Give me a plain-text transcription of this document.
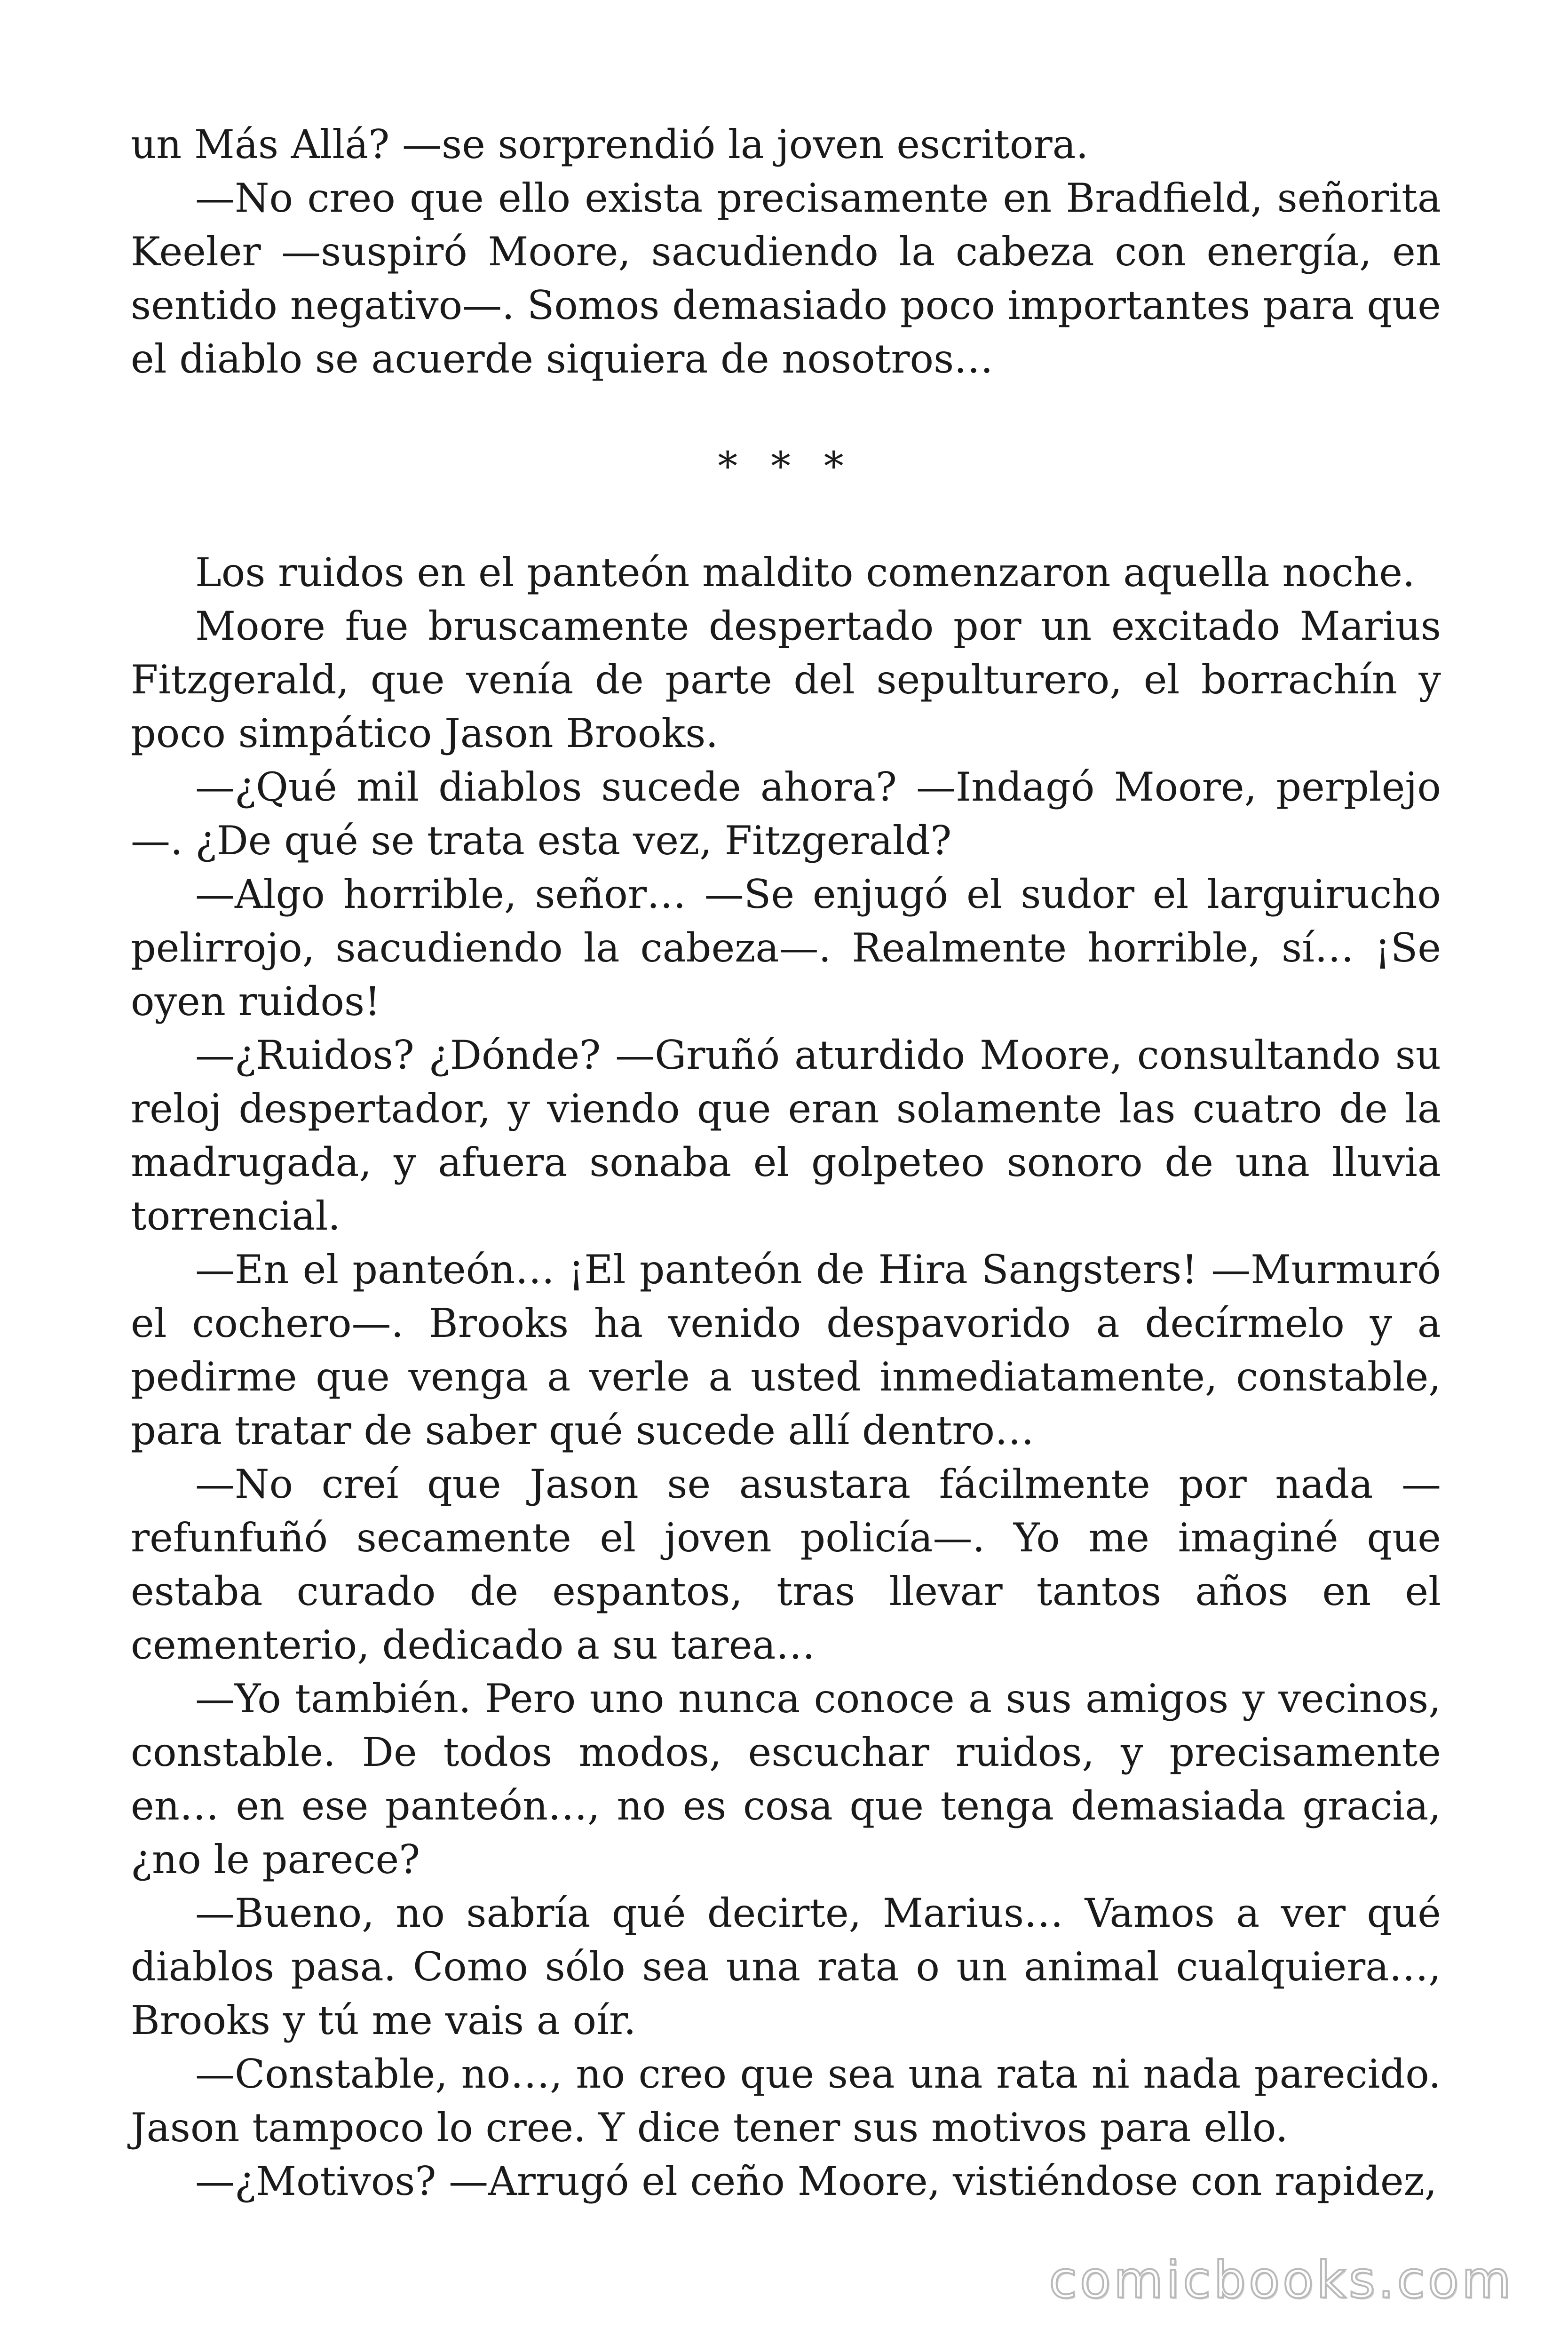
un Más Allá? —se sorprendió la joven escritora.

—No creo que ello exista precisamente en Bradfield, señorita Keeler —suspiró Moore, sacudiendo la cabeza con energía, en sentido negativo—. Somos demasiado poco importantes para que el diablo se acuerde siquiera de nosotros…

* * *

Los ruidos en el panteón maldito comenzaron aquella noche.

Moore fue bruscamente despertado por un excitado Marius Fitzgerald, que venía de parte del sepulturero, el borrachín y poco simpático Jason Brooks.

—¿Qué mil diablos sucede ahora? —Indagó Moore, perplejo—. ¿De qué se trata esta vez, Fitzgerald?

—Algo horrible, señor… —Se enjugó el sudor el larguirucho pelirrojo, sacudiendo la cabeza—. Realmente horrible, sí… ¡Se oyen ruidos!

—¿Ruidos? ¿Dónde? —Gruñó aturdido Moore, consultando su reloj despertador, y viendo que eran solamente las cuatro de la madrugada, y afuera sonaba el golpeteo sonoro de una lluvia torrencial.

—En el panteón… ¡El panteón de Hira Sangsters! —Murmuró el cochero—. Brooks ha venido despavorido a decírmelo y a pedirme que venga a verle a usted inmediatamente, constable, para tratar de saber qué sucede allí dentro…

—No creí que Jason se asustara fácilmente por nada —refunfuñó secamente el joven policía—. Yo me imaginé que estaba curado de espantos, tras llevar tantos años en el cementerio, dedicado a su tarea…

—Yo también. Pero uno nunca conoce a sus amigos y vecinos, constable. De todos modos, escuchar ruidos, y precisamente en… en ese panteón…, no es cosa que tenga demasiada gracia, ¿no le parece?

—Bueno, no sabría qué decirte, Marius… Vamos a ver qué diablos pasa. Como sólo sea una rata o un animal cualquiera…, Brooks y tú me vais a oír.

—Constable, no…, no creo que sea una rata ni nada parecido. Jason tampoco lo cree. Y dice tener sus motivos para ello.

—¿Motivos? —Arrugó el ceño Moore, vistiéndose con rapidez,

comicbooks.com
